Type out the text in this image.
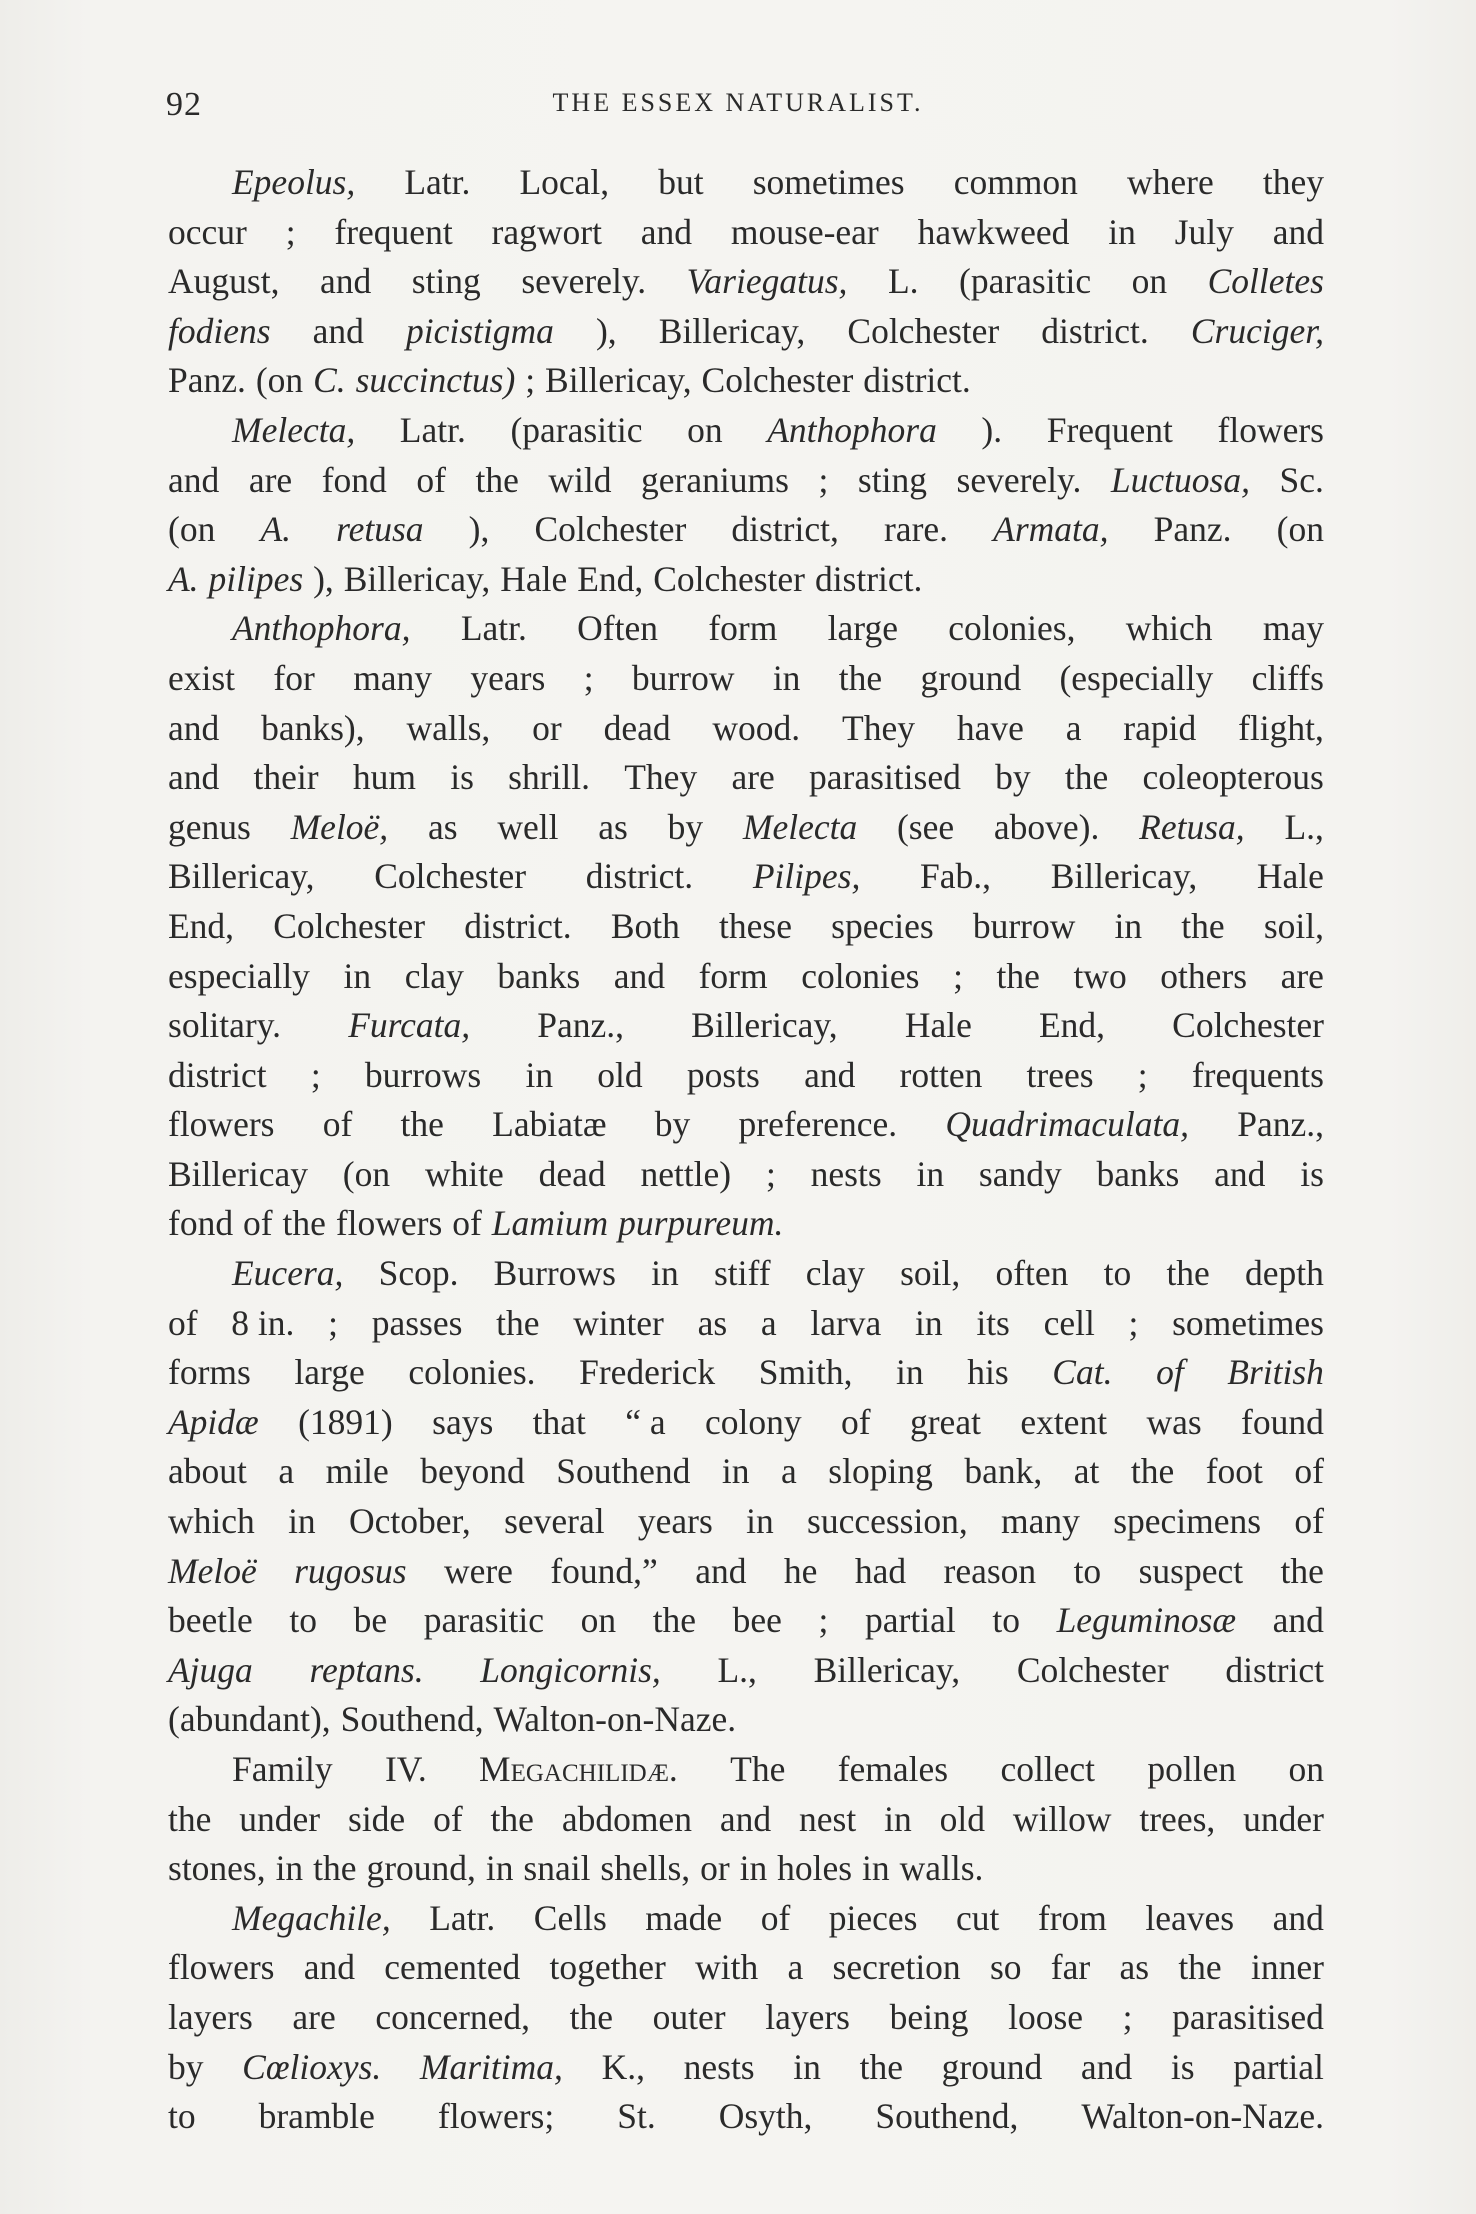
92	THE ESSEX NATURALIST.
Epeolus, Latr. Local, but sometimes common where they
occur ; frequent ragwort and mouse-ear hawkweed in July and
August, and sting severely. Variegatus, L. (parasitic on Colletes
fodiens and picistigma ), Billericay, Colchester district. Cruciger,
Panz. (on C. succinctus) ; Billericay, Colchester district.
Melecta, Latr. (parasitic on Anthophora ). Frequent flowers
and are fond of the wild geraniums ; sting severely. Luctuosa, Sc.
(on A. retusa ), Colchester district, rare. Armata, Panz. (on
A. pilipes ), Billericay, Hale End, Colchester district.
Anthophora, Latr. Often form large colonies, which may
exist for many years ; burrow in the ground (especially cliffs
and banks), walls, or dead wood. They have a rapid flight,
and their hum is shrill. They are parasitised by the coleopterous
genus Meloë, as well as by Melecta (see above). Retusa, L.,
Billericay, Colchester district. Pilipes, Fab., Billericay, Hale
End, Colchester district. Both these species burrow in the soil,
especially in clay banks and form colonies ; the two others are
solitary. Furcata, Panz., Billericay, Hale End, Colchester
district ; burrows in old posts and rotten trees ; frequents
flowers of the Labiatæ by preference. Quadrimaculata, Panz.,
Billericay (on white dead nettle) ; nests in sandy banks and is
fond of the flowers of Lamium purpureum.
Eucera, Scop. Burrows in stiff clay soil, often to the depth
of 8 in. ; passes the winter as a larva in its cell ; sometimes
forms large colonies. Frederick Smith, in his Cat. of British
Apidæ (1891) says that “ a colony of great extent was found
about a mile beyond Southend in a sloping bank, at the foot of
which in October, several years in succession, many specimens of
Meloë rugosus were found,” and he had reason to suspect the
beetle to be parasitic on the bee ; partial to Leguminosæ and
Ajuga reptans. Longicornis, L., Billericay, Colchester district
(abundant), Southend, Walton-on-Naze.
Family IV. Megachilidæ. The females collect pollen on
the under side of the abdomen and nest in old willow trees, under
stones, in the ground, in snail shells, or in holes in walls.
Megachile, Latr. Cells made of pieces cut from leaves and
flowers and cemented together with a secretion so far as the inner
layers are concerned, the outer layers being loose ; parasitised
by Cœlioxys. Maritima, K., nests in the ground and is partial
to bramble flowers; St. Osyth, Southend, Walton-on-Naze.
